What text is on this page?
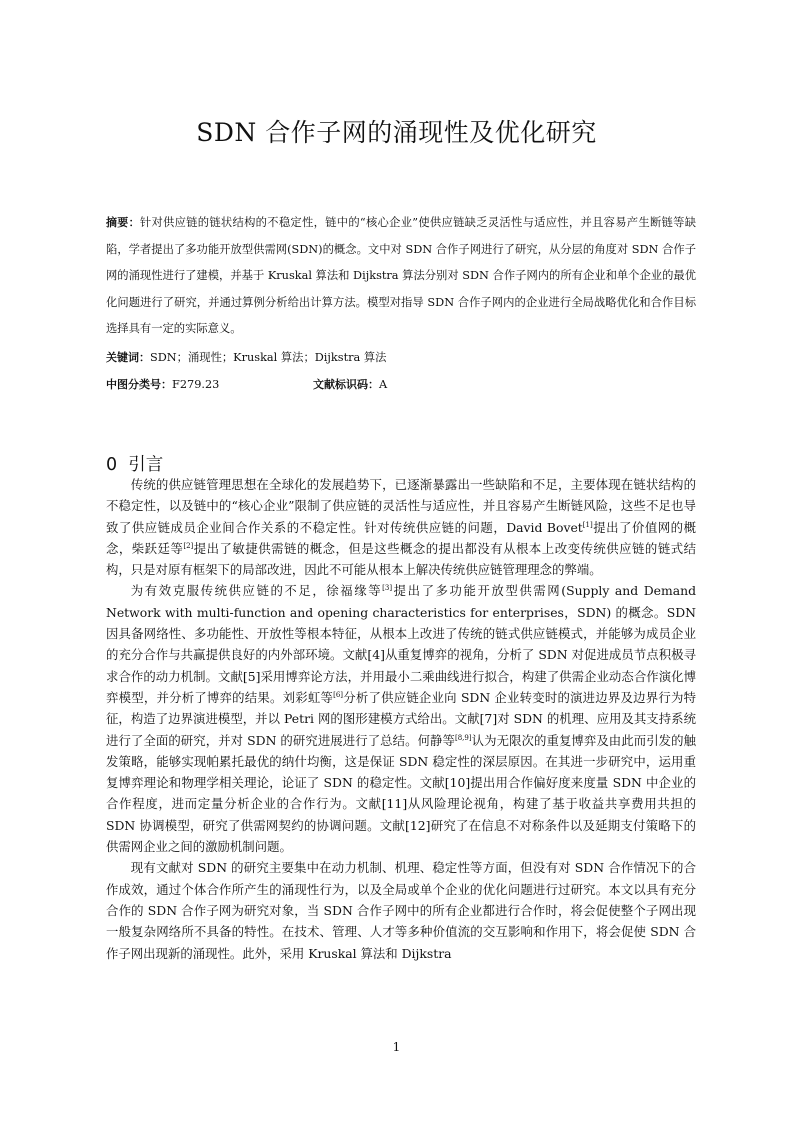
SDN 合作子网的涌现性及优化研究
摘要：针对供应链的链状结构的不稳定性，链中的“核心企业”使供应链缺乏灵活性与适应性，并且容易产生断链等缺陷，学者提出了多功能开放型供需网(SDN)的概念。文中对 SDN 合作子网进行了研究，从分层的角度对 SDN 合作子网的涌现性进行了建模，并基于 Kruskal 算法和 Dijkstra 算法分别对 SDN 合作子网内的所有企业和单个企业的最优化问题进行了研究，并通过算例分析给出计算方法。模型对指导 SDN 合作子网内的企业进行全局战略优化和合作目标选择具有一定的实际意义。
关键词：SDN；涌现性；Kruskal 算法；Dijkstra 算法
中图分类号：F279.23	文献标识码：A
0 引言

传统的供应链管理思想在全球化的发展趋势下，已逐渐暴露出一些缺陷和不足，主要体现在链状结构的不稳定性，以及链中的“核心企业”限制了供应链的灵活性与适应性，并且容易产生断链风险，这些不足也导致了供应链成员企业间合作关系的不稳定性。针对传统供应链的问题，David Bovet[1]提出了价值网的概念，柴跃廷等[2]提出了敏捷供需链的概念，但是这些概念的提出都没有从根本上改变传统供应链的链式结构，只是对原有框架下的局部改进，因此不可能从根本上解决传统供应链管理理念的弊端。

为有效克服传统供应链的不足，徐福缘等[3]提出了多功能开放型供需网(Supply and Demand Network with multi-function and opening characteristics for enterprises，SDN) 的概念。SDN 因具备网络性、多功能性、开放性等根本特征，从根本上改进了传统的链式供应链模式，并能够为成员企业的充分合作与共赢提供良好的内外部环境。文献[4]从重复博弈的视角，分析了 SDN 对促进成员节点积极寻求合作的动力机制。文献[5]采用博弈论方法，并用最小二乘曲线进行拟合，构建了供需企业动态合作演化博弈模型，并分析了博弈的结果。刘彩虹等[6]分析了供应链企业向 SDN 企业转变时的演进边界及边界行为特征，构造了边界演进模型，并以 Petri 网的图形建模方式给出。文献[7]对 SDN 的机理、应用及其支持系统进行了全面的研究，并对 SDN 的研究进展进行了总结。何静等[8,9]认为无限次的重复博弈及由此而引发的触发策略，能够实现帕累托最优的纳什均衡，这是保证 SDN 稳定性的深层原因。在其进一步研究中，运用重复博弈理论和物理学相关理论，论证了 SDN 的稳定性。文献[10]提出用合作偏好度来度量 SDN 中企业的合作程度，进而定量分析企业的合作行为。文献[11]从风险理论视角，构建了基于收益共享费用共担的 SDN 协调模型，研究了供需网契约的协调问题。文献[12]研究了在信息不对称条件以及延期支付策略下的供需网企业之间的激励机制问题。

现有文献对 SDN 的研究主要集中在动力机制、机理、稳定性等方面，但没有对 SDN 合作情况下的合作成效，通过个体合作所产生的涌现性行为，以及全局或单个企业的优化问题进行过研究。本文以具有充分合作的 SDN 合作子网为研究对象，当 SDN 合作子网中的所有企业都进行合作时，将会促使整个子网出现一般复杂网络所不具备的特性。在技术、管理、人才等多种价值流的交互影响和作用下，将会促使 SDN 合作子网出现新的涌现性。此外，采用 Kruskal 算法和 Dijkstra

1
